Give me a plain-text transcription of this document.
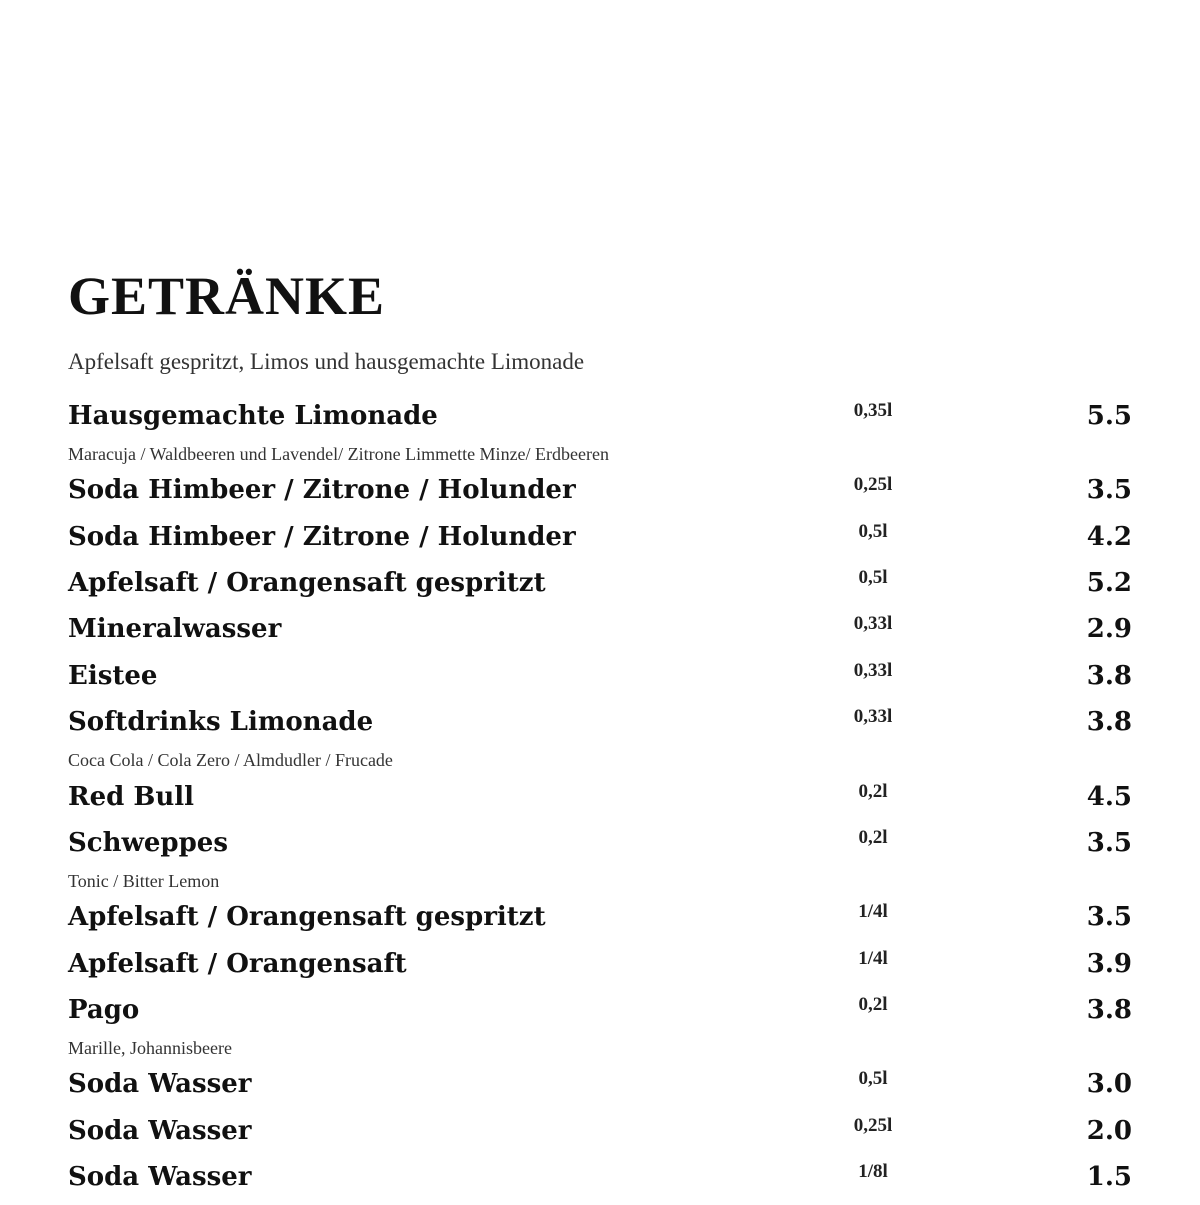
GETRÄNKE
Apfelsaft gespritzt, Limos und hausgemachte Limonade
Hausgemachte Limonade	0,35l	5.5
Maracuja / Waldbeeren und Lavendel/ Zitrone Limmette Minze/ Erdbeeren
Soda Himbeer / Zitrone / Holunder	0,25l	3.5
Soda Himbeer / Zitrone / Holunder	0,5l	4.2
Apfelsaft / Orangensaft gespritzt	0,5l	5.2
Mineralwasser	0,33l	2.9
Eistee	0,33l	3.8
Softdrinks Limonade	0,33l	3.8
Coca Cola / Cola Zero / Almdudler / Frucade
Red Bull	0,2l	4.5
Schweppes	0,2l	3.5
Tonic / Bitter Lemon
Apfelsaft / Orangensaft gespritzt	1/4l	3.5
Apfelsaft / Orangensaft	1/4l	3.9
Pago	0,2l	3.8
Marille, Johannisbeere
Soda Wasser	0,5l	3.0
Soda Wasser	0,25l	2.0
Soda Wasser	1/8l	1.5
